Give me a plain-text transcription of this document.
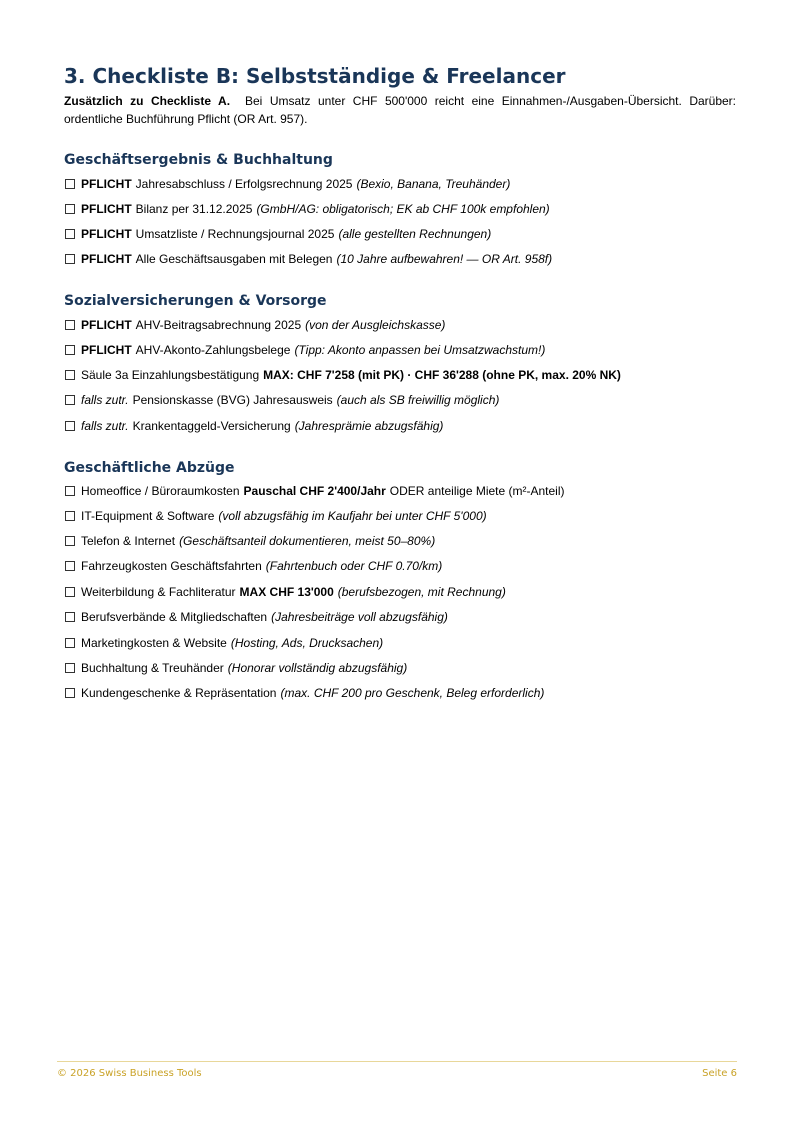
3. Checkliste B: Selbstständige & Freelancer
Zusätzlich zu Checkliste A. Bei Umsatz unter CHF 500'000 reicht eine Einnahmen-/Ausgaben-Übersicht. Darüber: ordentliche Buchführung Pflicht (OR Art. 957).
Geschäftsergebnis & Buchhaltung
PFLICHT Jahresabschluss / Erfolgsrechnung 2025 (Bexio, Banana, Treuhänder)
PFLICHT Bilanz per 31.12.2025 (GmbH/AG: obligatorisch; EK ab CHF 100k empfohlen)
PFLICHT Umsatzliste / Rechnungsjournal 2025 (alle gestellten Rechnungen)
PFLICHT Alle Geschäftsausgaben mit Belegen (10 Jahre aufbewahren! — OR Art. 958f)
Sozialversicherungen & Vorsorge
PFLICHT AHV-Beitragsabrechnung 2025 (von der Ausgleichskasse)
PFLICHT AHV-Akonto-Zahlungsbelege (Tipp: Akonto anpassen bei Umsatzwachstum!)
Säule 3a Einzahlungsbestätigung MAX: CHF 7'258 (mit PK) · CHF 36'288 (ohne PK, max. 20% NK)
falls zutr. Pensionskasse (BVG) Jahresausweis (auch als SB freiwillig möglich)
falls zutr. Krankentaggeld-Versicherung (Jahresprämie abzugsfähig)
Geschäftliche Abzüge
Homeoffice / Büroraumkosten Pauschal CHF 2'400/Jahr ODER anteilige Miete (m²-Anteil)
IT-Equipment & Software (voll abzugsfähig im Kaufjahr bei unter CHF 5'000)
Telefon & Internet (Geschäftsanteil dokumentieren, meist 50–80%)
Fahrzeugkosten Geschäftsfahrten (Fahrtenbuch oder CHF 0.70/km)
Weiterbildung & Fachliteratur MAX CHF 13'000 (berufsbezogen, mit Rechnung)
Berufsverbände & Mitgliedschaften (Jahresbeiträge voll abzugsfähig)
Marketingkosten & Website (Hosting, Ads, Drucksachen)
Buchhaltung & Treuhänder (Honorar vollständig abzugsfähig)
Kundengeschenke & Repräsentation (max. CHF 200 pro Geschenk, Beleg erforderlich)
© 2026 Swiss Business Tools	Seite 6
